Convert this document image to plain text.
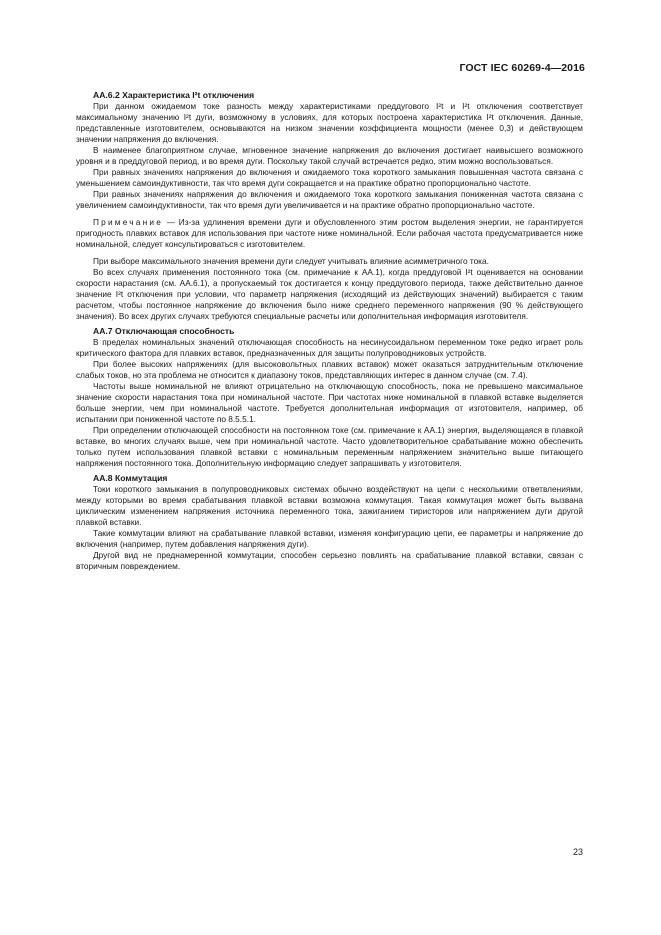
ГОСТ IEC 60269-4—2016

АА.6.2 Характеристика I²t отключения

При данном ожидаемом токе разность между характеристиками преддугового I²t и I²t отключения соответствует максимальному значению I²t дуги, возможному в условиях, для которых построена характеристика I²t отключения. Данные, представленные изготовителем, основываются на низком значении коэффициента мощности (менее 0,3) и действующем значении напряжения до включения.

В наименее благоприятном случае, мгновенное значение напряжения до включения достигает наивысшего возможного уровня и в преддуговой период, и во время дуги. Поскольку такой случай встречается редко, этим можно воспользоваться.

При равных значениях напряжения до включения и ожидаемого тока короткого замыкания повышенная частота связана с уменьшением самоиндуктивности, так что время дуги сокращается и на практике обратно пропорционально частоте.

При равных значениях напряжения до включения и ожидаемого тока короткого замыкания пониженная частота связана с увеличением самоиндуктивности, так что время дуги увеличивается и на практике обратно пропорционально частоте.

Примечание — Из-за удлинения времени дуги и обусловленного этим ростом выделения энергии, не гарантируется пригодность плавких вставок для использования при частоте ниже номинальной. Если рабочая частота предусматривается ниже номинальной, следует консультироваться с изготовителем.

При выборе максимального значения времени дуги следует учитывать влияние асимметричного тока.

Во всех случаях применения постоянного тока (см. примечание к АА.1), когда преддуговой I²t оценивается на основании скорости нарастания (см. АА.6.1), а пропускаемый ток достигается к концу преддугового периода, также действительно данное значение I²t отключения при условии, что параметр напряжения (исходящий из действующих значений) выбирается с таким расчетом, чтобы постоянное напряжение до включения было ниже среднего переменного напряжения (90 % действующего значения). Во всех других случаях требуются специальные расчеты или дополнительная информация изготовителя.

АА.7 Отключающая способность

В пределах номинальных значений отключающая способность на несинусоидальном переменном токе редко играет роль критического фактора для плавких вставок, предназначенных для защиты полупроводниковых устройств.

При более высоких напряжениях (для высоковольтных плавких вставок) может оказаться затруднительным отключение слабых токов, но эта проблема не относится к диапазону токов, представляющих интерес в данном случае (см. 7.4).

Частоты выше номинальной не влияют отрицательно на отключающую способность, пока не превышено максимальное значение скорости нарастания тока при номинальной частоте. При частотах ниже номинальной в плавкой вставке выделяется больше энергии, чем при номинальной частоте. Требуется дополнительная информация от изготовителя, например, об испытании при пониженной частоте по 8.5.5.1.

При определении отключающей способности на постоянном токе (см. примечание к АА.1) энергия, выделяющаяся в плавкой вставке, во многих случаях выше, чем при номинальной частоте. Часто удовлетворительное срабатывание можно обеспечить только путем использования плавкой вставки с номинальным переменным напряжением значительно выше питающего напряжения постоянного тока. Дополнительную информацию следует запрашивать у изготовителя.

АА.8 Коммутация

Токи короткого замыкания в полупроводниковых системах обычно воздействуют на цепи с несколькими ответвлениями, между которыми во время срабатывания плавкой вставки возможна коммутация. Такая коммутация может быть вызвана циклическим изменением напряжения источника переменного тока, зажиганием тиристоров или напряжением дуги другой плавкой вставки.

Такие коммутации влияют на срабатывание плавкой вставки, изменяя конфигурацию цепи, ее параметры и напряжение до включения (например, путем добавления напряжения дуги).

Другой вид не преднамеренной коммутации, способен серьезно повлиять на срабатывание плавкой вставки, связан с вторичным повреждением.

23
